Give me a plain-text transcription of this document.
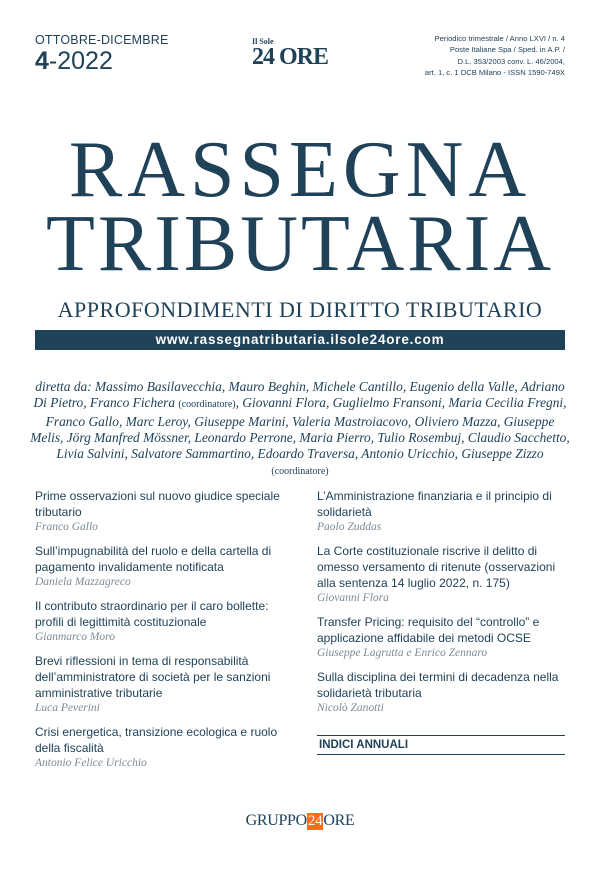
OTTOBRE-DICEMBRE
4-2022
Il Sole
24 ORE
Periodico trimestrale / Anno LXVI / n. 4
Poste Italiane Spa / Sped. in A.P. /
D.L. 353/2003 conv. L. 46/2004,
art. 1, c. 1 DCB Milano - ISSN 1590-749X
RASSEGNA
TRIBUTARIA
APPROFONDIMENTI DI DIRITTO TRIBUTARIO
www.rassegnatributaria.ilsole24ore.com
diretta da: Massimo Basilavecchia, Mauro Beghin, Michele Cantillo, Eugenio della Valle, Adriano Di Pietro, Franco Fichera (coordinatore), Giovanni Flora, Guglielmo Fransoni, Maria Cecilia Fregni, Franco Gallo, Marc Leroy, Giuseppe Marini, Valeria Mastroiacovo, Oliviero Mazza, Giuseppe Melis, Jörg Manfred Mössner, Leonardo Perrone, Maria Pierro, Tulio Rosembuj, Claudio Sacchetto, Livia Salvini, Salvatore Sammartino, Edoardo Traversa, Antonio Uricchio, Giuseppe Zizzo (coordinatore)
Prime osservazioni sul nuovo giudice speciale tributario
Franco Gallo
Sull’impugnabilità del ruolo e della cartella di pagamento invalidamente notificata
Daniela Mazzagreco
Il contributo straordinario per il caro bollette: profili di legittimità costituzionale
Gianmarco Moro
Brevi riflessioni in tema di responsabilità dell’amministratore di società per le sanzioni amministrative tributarie
Luca Peverini
Crisi energetica, transizione ecologica e ruolo della fiscalità
Antonio Felice Uricchio
L’Amministrazione finanziaria e il principio di solidarietà
Paolo Zuddas
La Corte costituzionale riscrive il delitto di omesso versamento di ritenute (osservazioni alla sentenza 14 luglio 2022, n. 175)
Giovanni Flora
Transfer Pricing: requisito del “controllo” e applicazione affidabile dei metodi OCSE
Giuseppe Lagrutta e Enrico Zennaro
Sulla disciplina dei termini di decadenza nella solidarietà tributaria
Nicolò Zanotti
INDICI ANNUALI
GRUPPO24ORE
